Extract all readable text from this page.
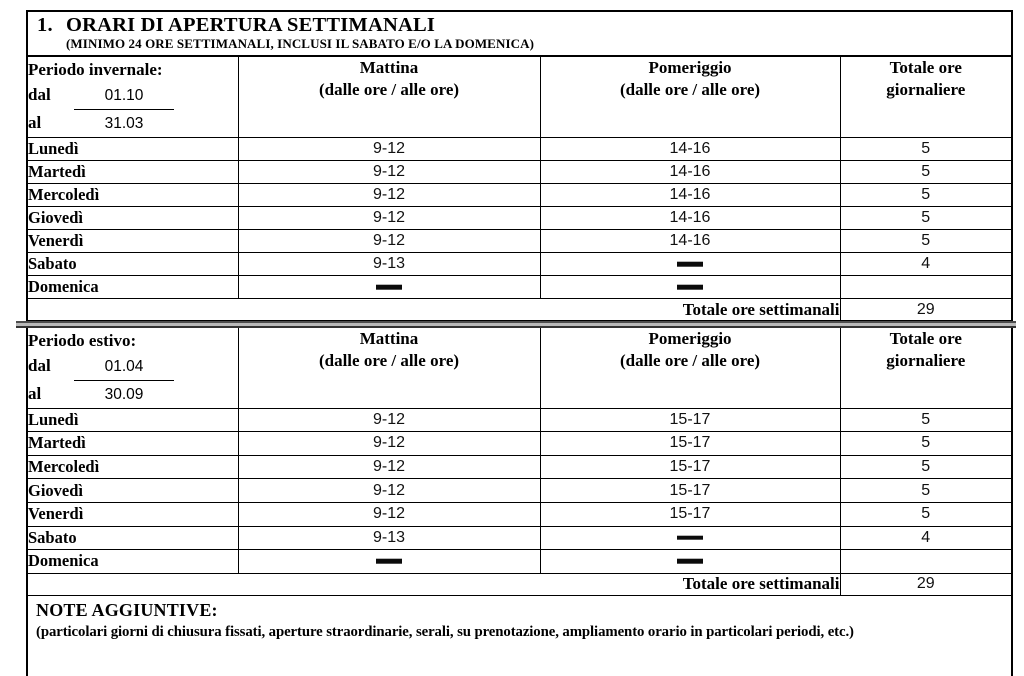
1. ORARI DI APERTURA SETTIMANALI
(MINIMO 24 ORE SETTIMANALI, INCLUSI IL SABATO E/O LA DOMENICA)
Periodo invernale:
dal	01.10
al	31.03

Mattina
(dalle ore / alle ore)

Pomeriggio
(dalle ore / alle ore)

Totale ore
giornaliere

Lunedì	9-12	14-16	5
Martedì	9-12	14-16	5
Mercoledì	9-12	14-16	5
Giovedì	9-12	14-16	5
Venerdì	9-12	14-16	5
Sabato	9-13		4
Domenica			
Totale ore settimanali			29
Periodo estivo:
dal	01.04
al	30.09

Mattina
(dalle ore / alle ore)

Pomeriggio
(dalle ore / alle ore)

Totale ore
giornaliere

Lunedì	9-12	15-17	5
Martedì	9-12	15-17	5
Mercoledì	9-12	15-17	5
Giovedì	9-12	15-17	5
Venerdì	9-12	15-17	5
Sabato	9-13		4
Domenica			
Totale ore settimanali			29
NOTE AGGIUNTIVE:
(particolari giorni di chiusura fissati, aperture straordinarie, serali, su prenotazione, ampliamento orario in particolari periodi, etc.)
